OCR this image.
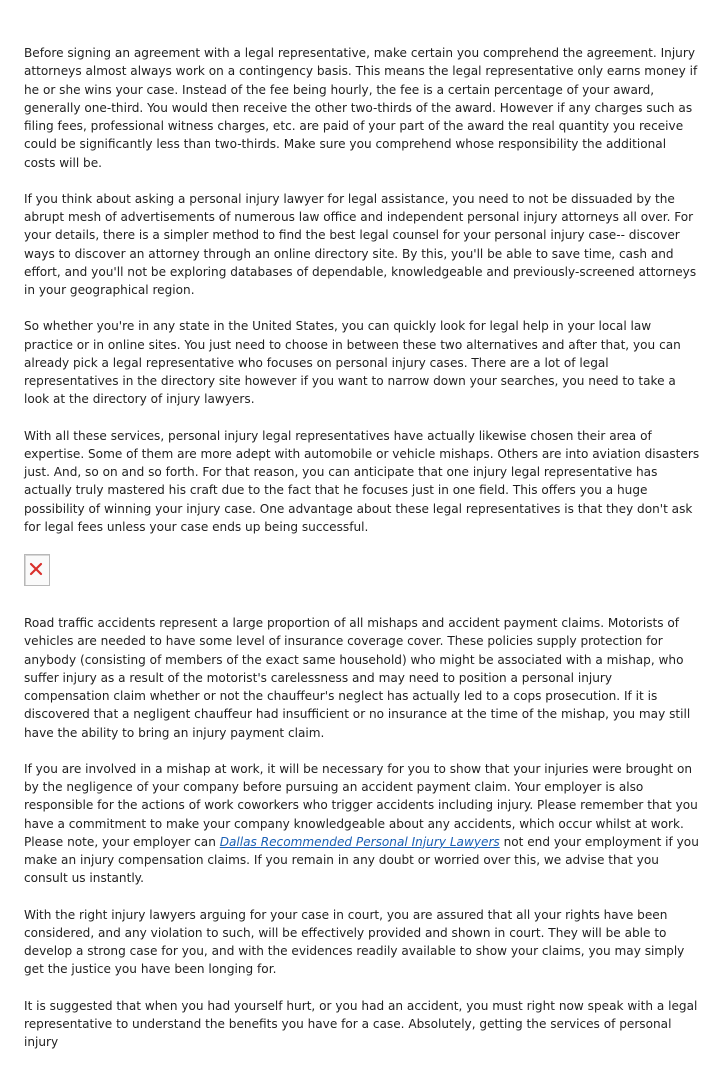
Before signing an agreement with a legal representative, make certain you comprehend the agreement. Injury attorneys almost always work on a contingency basis. This means the legal representative only earns money if he or she wins your case. Instead of the fee being hourly, the fee is a certain percentage of your award, generally one-third. You would then receive the other two-thirds of the award. However if any charges such as filing fees, professional witness charges, etc. are paid of your part of the award the real quantity you receive could be significantly less than two-thirds. Make sure you comprehend whose responsibility the additional costs will be.

If you think about asking a personal injury lawyer for legal assistance, you need to not be dissuaded by the abrupt mesh of advertisements of numerous law office and independent personal injury attorneys all over. For your details, there is a simpler method to find the best legal counsel for your personal injury case-- discover ways to discover an attorney through an online directory site. By this, you'll be able to save time, cash and effort, and you'll not be exploring databases of dependable, knowledgeable and previously-screened attorneys in your geographical region.

So whether you're in any state in the United States, you can quickly look for legal help in your local law practice or in online sites. You just need to choose in between these two alternatives and after that, you can already pick a legal representative who focuses on personal injury cases. There are a lot of legal representatives in the directory site however if you want to narrow down your searches, you need to take a look at the directory of injury lawyers.

With all these services, personal injury legal representatives have actually likewise chosen their area of expertise. Some of them are more adept with automobile or vehicle mishaps. Others are into aviation disasters just. And, so on and so forth. For that reason, you can anticipate that one injury legal representative has actually truly mastered his craft due to the fact that he focuses just in one field. This offers you a huge possibility of winning your injury case. One advantage about these legal representatives is that they don't ask for legal fees unless your case ends up being successful.

Road traffic accidents represent a large proportion of all mishaps and accident payment claims. Motorists of vehicles are needed to have some level of insurance coverage cover. These policies supply protection for anybody (consisting of members of the exact same household) who might be associated with a mishap, who suffer injury as a result of the motorist's carelessness and may need to position a personal injury compensation claim whether or not the chauffeur's neglect has actually led to a cops prosecution. If it is discovered that a negligent chauffeur had insufficient or no insurance at the time of the mishap, you may still have the ability to bring an injury payment claim.

If you are involved in a mishap at work, it will be necessary for you to show that your injuries were brought on by the negligence of your company before pursuing an accident payment claim. Your employer is also responsible for the actions of work coworkers who trigger accidents including injury. Please remember that you have a commitment to make your company knowledgeable about any accidents, which occur whilst at work. Please note, your employer can Dallas Recommended Personal Injury Lawyers not end your employment if you make an injury compensation claims. If you remain in any doubt or worried over this, we advise that you consult us instantly.

With the right injury lawyers arguing for your case in court, you are assured that all your rights have been considered, and any violation to such, will be effectively provided and shown in court. They will be able to develop a strong case for you, and with the evidences readily available to show your claims, you may simply get the justice you have been longing for.

It is suggested that when you had yourself hurt, or you had an accident, you must right now speak with a legal representative to understand the benefits you have for a case. Absolutely, getting the services of personal injury
